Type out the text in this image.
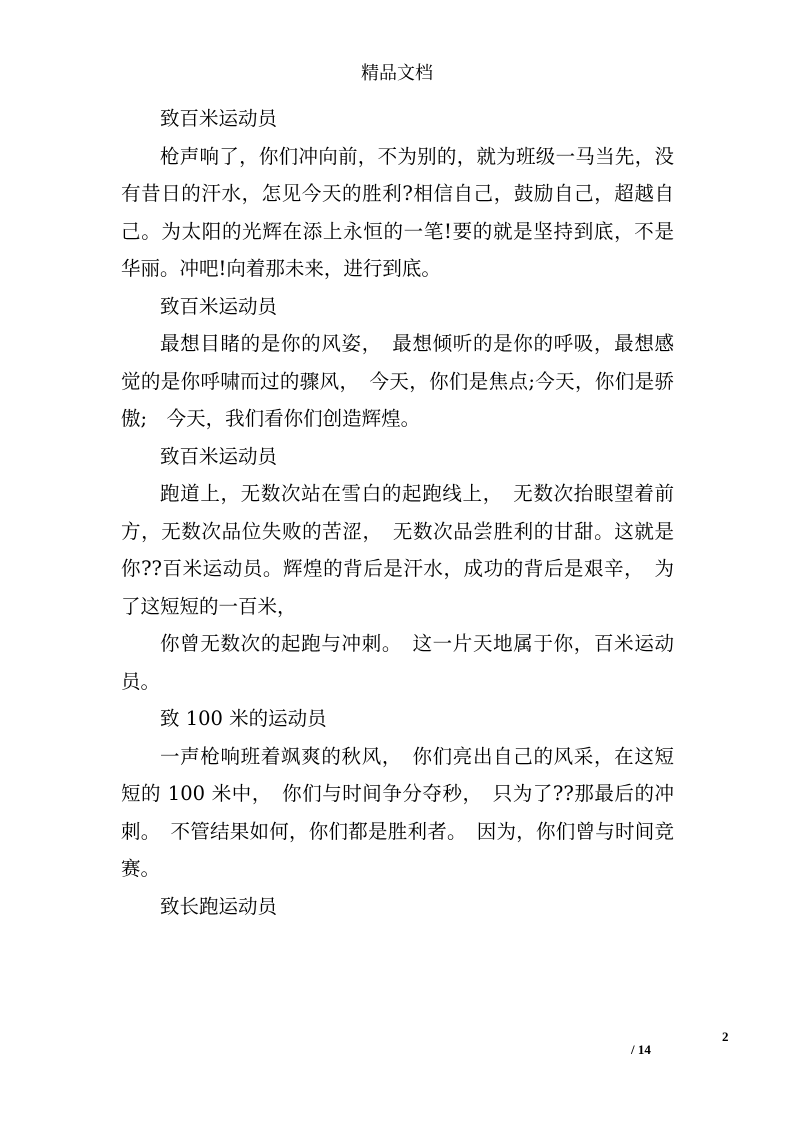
精品文档

致百米运动员

枪声响了，你们冲向前，不为别的，就为班级一马当先，没有昔日的汗水，怎见今天的胜利?相信自己，鼓励自己，超越自己。为太阳的光辉在添上永恒的一笔!要的就是坚持到底，不是华丽。冲吧!向着那未来，进行到底。

致百米运动员

最想目睹的是你的风姿，　最想倾听的是你的呼吸，最想感觉的是你呼啸而过的骤风，　今天，你们是焦点;今天，你们是骄傲;　今天，我们看你们创造辉煌。

致百米运动员

跑道上，无数次站在雪白的起跑线上，　无数次抬眼望着前方，无数次品位失败的苦涩，　无数次品尝胜利的甘甜。这就是你??百米运动员。辉煌的背后是汗水，成功的背后是艰辛，　为了这短短的一百米，

你曾无数次的起跑与冲刺。　这一片天地属于你，百米运动员。

致 100 米的运动员

一声枪响班着飒爽的秋风，　你们亮出自己的风采，在这短短的 100 米中，　你们与时间争分夺秒，　只为了??那最后的冲刺。　不管结果如何，你们都是胜利者。　因为，你们曾与时间竞赛。

致长跑运动员

2
/ 14
